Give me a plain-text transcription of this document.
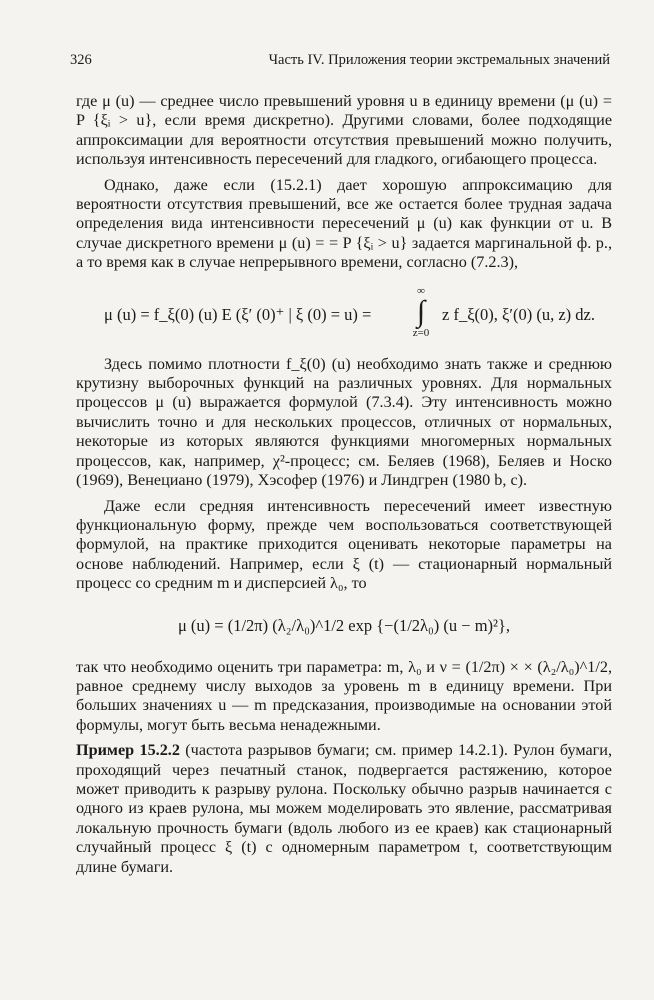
326	Часть IV. Приложения теории экстремальных значений

где μ (u) — среднее число превышений уровня u в единицу времени (μ (u) = P {ξᵢ > u}, если время дискретно). Другими словами, более подходящие аппроксимации для вероятности отсутствия превышений можно получить, используя интенсивность пересечений для гладкого, огибающего процесса.

Однако, даже если (15.2.1) дает хорошую аппроксимацию для вероятности отсутствия превышений, все же остается более трудная задача определения вида интенсивности пересечений μ (u) как функции от u. В случае дискретного времени μ (u) = = P {ξᵢ > u} задается маргинальной ф. р., а то время как в случае непрерывного времени, согласно (7.2.3),

μ (u) = f_ξ(0) (u) E (ξ′ (0)⁺ | ξ (0) = u) =
∞
∫
z=0
z f_ξ(0), ξ′(0) (u, z) dz.

Здесь помимо плотности f_ξ(0) (u) необходимо знать также и среднюю крутизну выборочных функций на различных уровнях. Для нормальных процессов μ (u) выражается формулой (7.3.4). Эту интенсивность можно вычислить точно и для нескольких процессов, отличных от нормальных, некоторые из которых являются функциями многомерных нормальных процессов, как, например, χ²-процесс; см. Беляев (1968), Беляев и Носко (1969), Венециано (1979), Хэсофер (1976) и Линдгрен (1980 b, c).

Даже если средняя интенсивность пересечений имеет известную функциональную форму, прежде чем воспользоваться соответствующей формулой, на практике приходится оценивать некоторые параметры на основе наблюдений. Например, если ξ (t) — стационарный нормальный процесс со средним m и дисперсией λ₀, то

μ (u) = (1/2π) (λ₂/λ₀)^1/2 exp {−(1/2λ₀) (u − m)²},

так что необходимо оценить три параметра: m, λ₀ и ν = (1/2π) × × (λ₂/λ₀)^1/2, равное среднему числу выходов за уровень m в единицу времени. При больших значениях u — m предсказания, производимые на основании этой формулы, могут быть весьма ненадежными.

Пример 15.2.2 (частота разрывов бумаги; см. пример 14.2.1). Рулон бумаги, проходящий через печатный станок, подвергается растяжению, которое может приводить к разрыву рулона. Поскольку обычно разрыв начинается с одного из краев рулона, мы можем моделировать это явление, рассматривая локальную прочность бумаги (вдоль любого из ее краев) как стационарный случайный процесс ξ (t) с одномерным параметром t, соответствующим длине бумаги.
